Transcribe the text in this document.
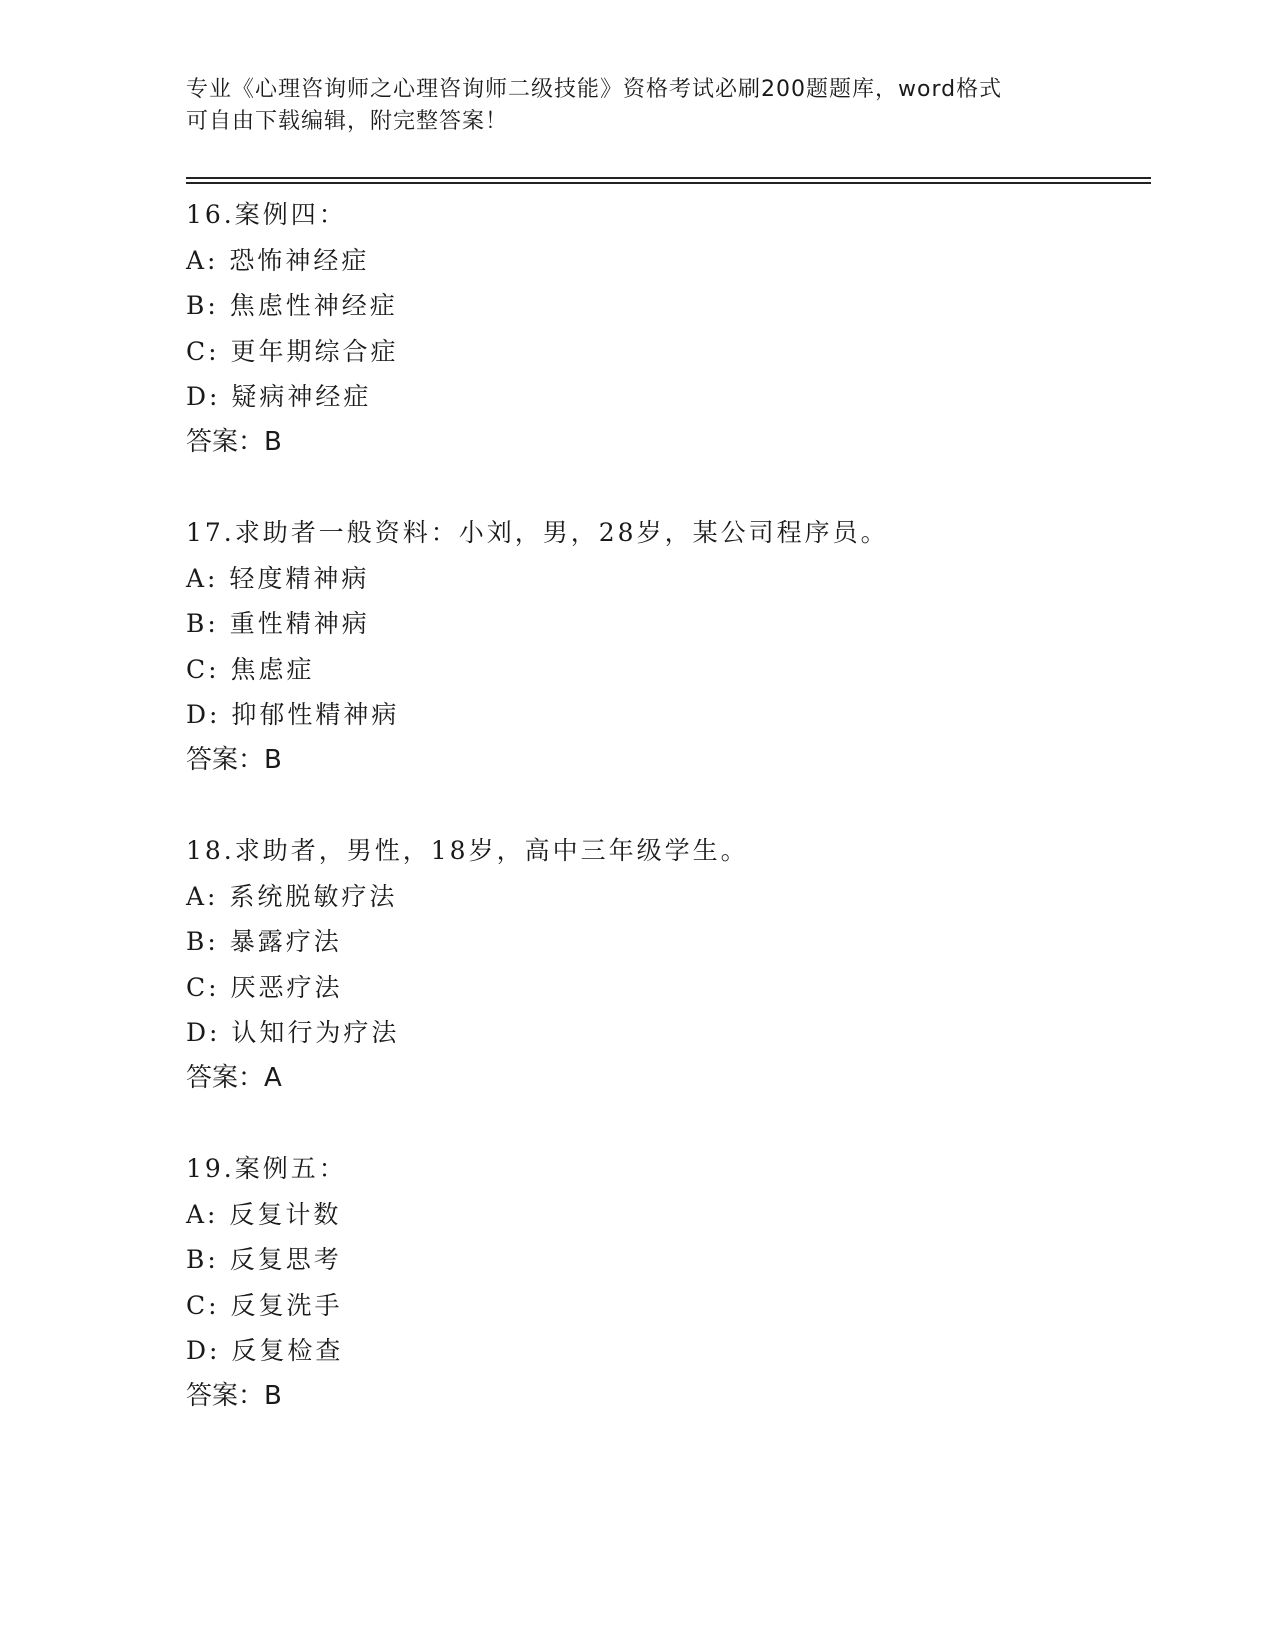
专业《心理咨询师之心理咨询师二级技能》资格考试必刷200题题库，word格式
可自由下载编辑，附完整答案！
16.案例四：
A: 恐怖神经症
B: 焦虑性神经症
C: 更年期综合症
D: 疑病神经症
答案：B
17.求助者一般资料：小刘，男，28岁，某公司程序员。
A: 轻度精神病
B: 重性精神病
C: 焦虑症
D: 抑郁性精神病
答案：B
18.求助者，男性，18岁，高中三年级学生。
A: 系统脱敏疗法
B: 暴露疗法
C: 厌恶疗法
D: 认知行为疗法
答案：A
19.案例五：
A: 反复计数
B: 反复思考
C: 反复洗手
D: 反复检查
答案：B
